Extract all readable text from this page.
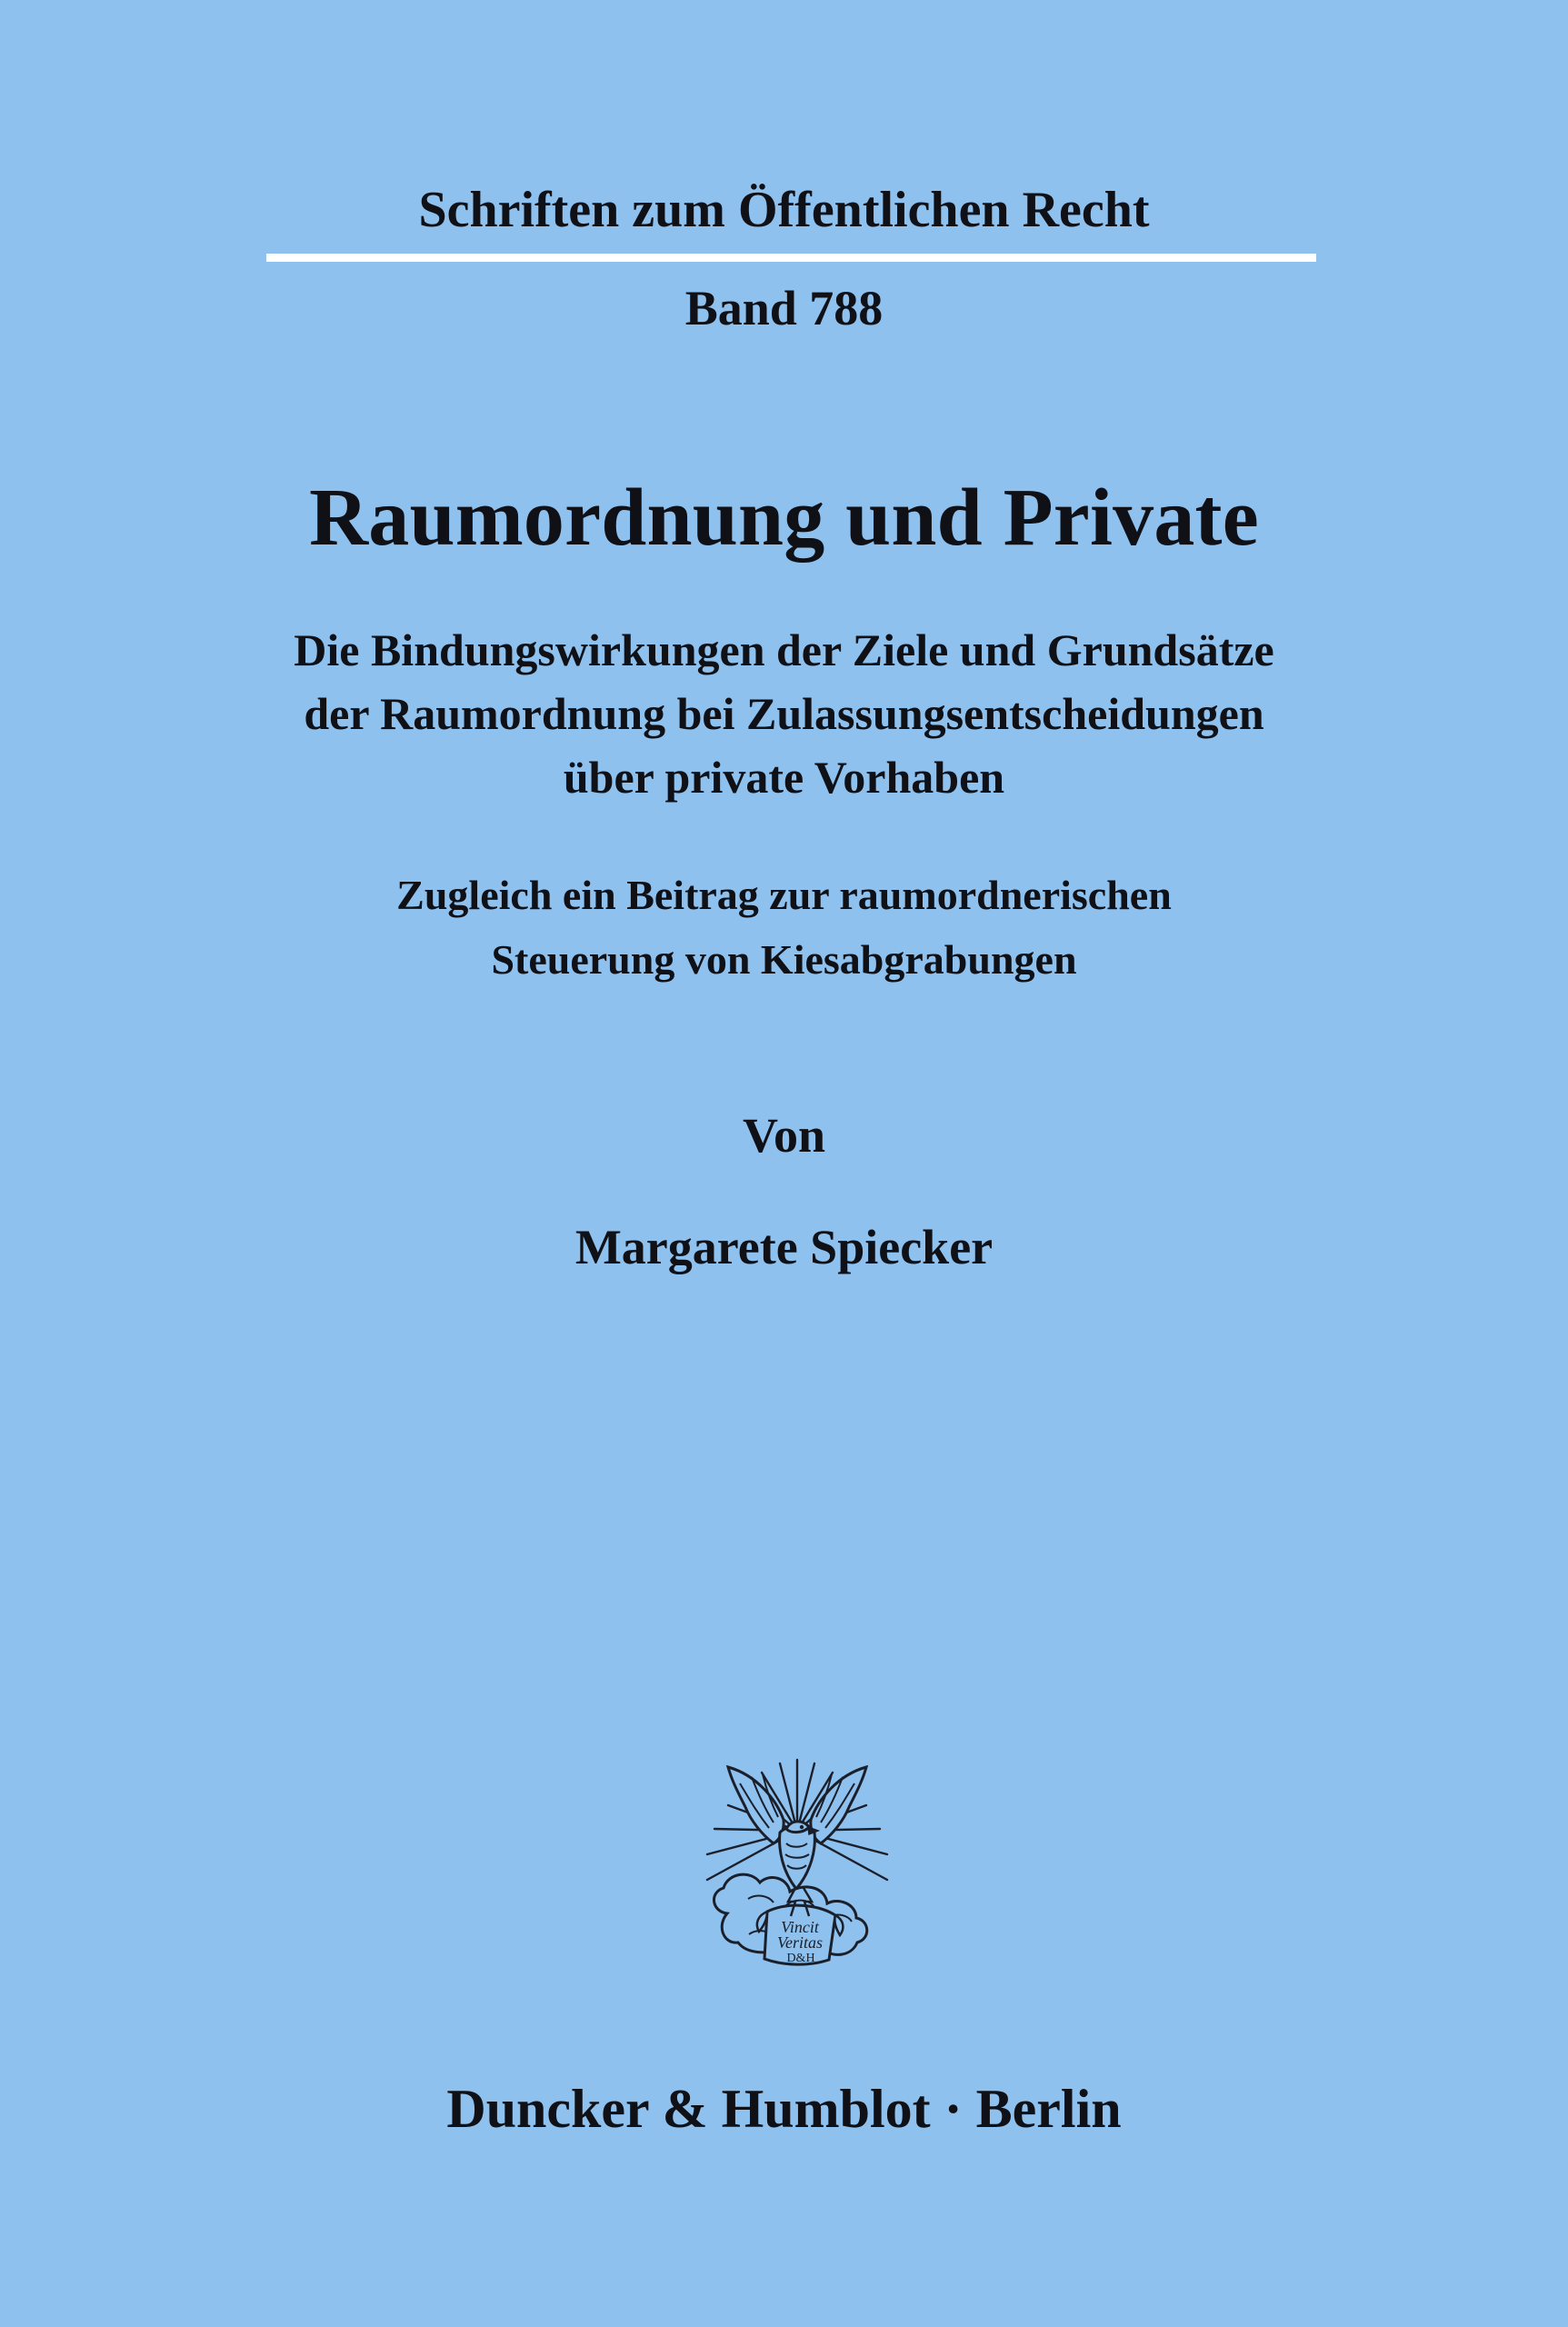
Schriften zum Öffentlichen Recht
Band 788
Raumordnung und Private
Die Bindungswirkungen der Ziele und Grundsätze
der Raumordnung bei Zulassungsentscheidungen
über private Vorhaben
Zugleich ein Beitrag zur raumordnerischen
Steuerung von Kiesabgrabungen
Von
Margarete Spiecker
Vincit
Veritas
D&H
Duncker & Humblot · Berlin
